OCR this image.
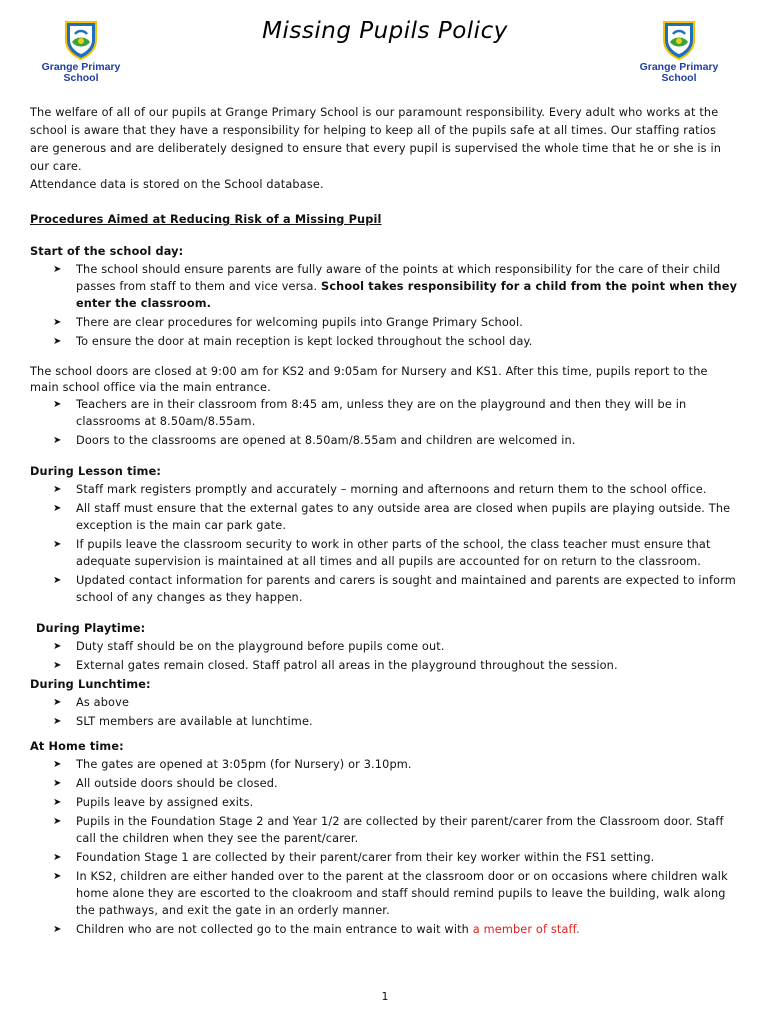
Grange Primary
School
Missing Pupils Policy
Grange Primary
School

The welfare of all of our pupils at Grange Primary School is our paramount responsibility. Every adult who works at the school is aware that they have a responsibility for helping to keep all of the pupils safe at all times. Our staffing ratios are generous and are deliberately designed to ensure that every pupil is supervised the whole time that he or she is in our care.

Attendance data is stored on the School database.

Procedures Aimed at Reducing Risk of a Missing Pupil

Start of the school day:

➤ The school should ensure parents are fully aware of the points at which responsibility for the care of their child passes from staff to them and vice versa. School takes responsibility for a child from the point when they enter the classroom.
➤ There are clear procedures for welcoming pupils into Grange Primary School.
➤ To ensure the door at main reception is kept locked throughout the school day.

The school doors are closed at 9:00 am for KS2 and 9:05am for Nursery and KS1. After this time, pupils report to the main school office via the main entrance.

➤ Teachers are in their classroom from 8:45 am, unless they are on the playground and then they will be in classrooms at 8.50am/8.55am.
➤ Doors to the classrooms are opened at 8.50am/8.55am and children are welcomed in.

During Lesson time:

➤ Staff mark registers promptly and accurately – morning and afternoons and return them to the school office.
➤ All staff must ensure that the external gates to any outside area are closed when pupils are playing outside. The exception is the main car park gate.
➤ If pupils leave the classroom security to work in other parts of the school, the class teacher must ensure that adequate supervision is maintained at all times and all pupils are accounted for on return to the classroom.
➤ Updated contact information for parents and carers is sought and maintained and parents are expected to inform school of any changes as they happen.

During Playtime:

➤ Duty staff should be on the playground before pupils come out.
➤ External gates remain closed. Staff patrol all areas in the playground throughout the session.

During Lunchtime:

➤ As above
➤ SLT members are available at lunchtime.

At Home time:

➤ The gates are opened at 3:05pm (for Nursery) or 3.10pm.
➤ All outside doors should be closed.
➤ Pupils leave by assigned exits.
➤ Pupils in the Foundation Stage 2 and Year 1/2 are collected by their parent/carer from the Classroom door. Staff call the children when they see the parent/carer.
➤ Foundation Stage 1 are collected by their parent/carer from their key worker within the FS1 setting.
➤ In KS2, children are either handed over to the parent at the classroom door or on occasions where children walk home alone they are escorted to the cloakroom and staff should remind pupils to leave the building, walk along the pathways, and exit the gate in an orderly manner.
➤ Children who are not collected go to the main entrance to wait with a member of staff.
1
